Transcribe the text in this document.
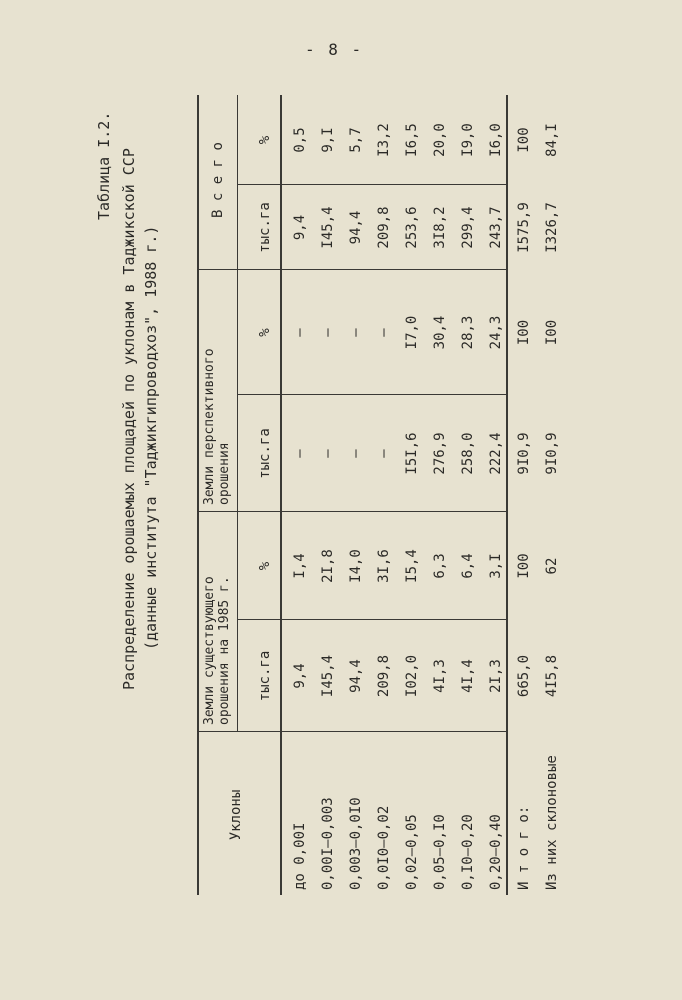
- 8 -
Таблица I.2. Распределение орошаемых площадей по уклонам в Таджикской ССР (данные института "Таджикгипроводхоз", 1988 г.)
Уклоны
Земли существующего орошения на 1985 г.
Земли перспективного орошения
В с е г о
тыс.га
%
тыс.га
%
тыс.га
%
до 0,00I
9,4
I,4
–
–
9,4
0,5
0,00I–0,003
I45,4
2I,8
–
–
I45,4
9,I
0,003–0,0I0
94,4
I4,0
–
–
94,4
5,7
0,0I0–0,02
209,8
3I,6
–
–
209,8
I3,2
0,02–0,05
I02,0
I5,4
I5I,6
I7,0
253,6
I6,5
0,05–0,I0
4I,3
6,3
276,9
30,4
3I8,2
20,0
0,I0–0,20
4I,4
6,4
258,0
28,3
299,4
I9,0
0,20–0,40
2I,3
3,I
222,4
24,3
243,7
I6,0
И т о г о:
665,0
I00
9I0,9
I00
I575,9
I00
Из них склоновые
4I5,8
62
9I0,9
I00
I326,7
84,I
